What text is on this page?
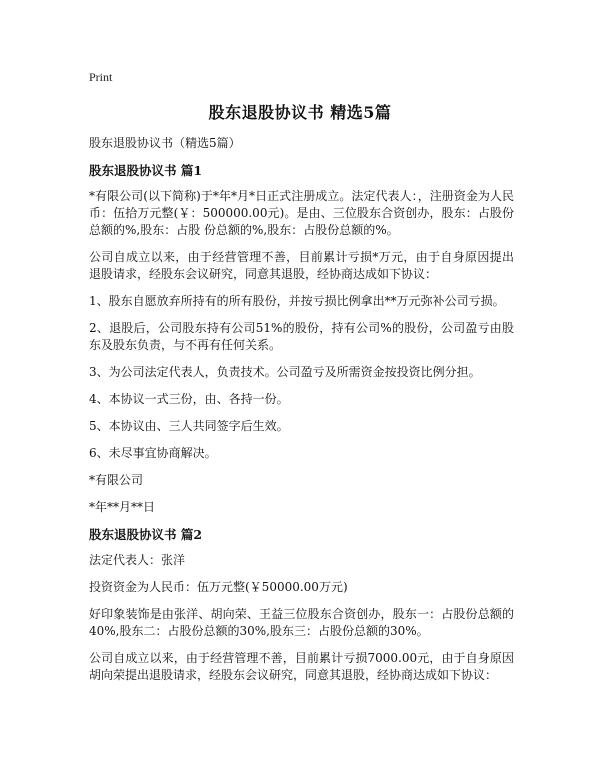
Print
股东退股协议书 精选5篇

股东退股协议书（精选5篇）

股东退股协议书 篇1

*有限公司(以下简称)于*年*月*日正式注册成立。法定代表人：，注册资金为人民币：伍拾万元整(￥：500000.00元)。是由、三位股东合资创办，股东：占股份总额的%,股东：占股 份总额的%,股东：占股份总额的%。

公司自成立以来，由于经营管理不善，目前累计亏损*万元，由于自身原因提出退股请求，经股东会议研究，同意其退股，经协商达成如下协议：

1、股东自愿放弃所持有的所有股份，并按亏损比例拿出**万元弥补公司亏损。

2、退股后，公司股东持有公司51%的股份，持有公司%的股份，公司盈亏由股东及股东负责，与不再有任何关系。

3、为公司法定代表人，负责技术。公司盈亏及所需资金按投资比例分担。

4、本协议一式三份，由、各持一份。

5、本协议由、三人共同签字后生效。

6、未尽事宜协商解决。

*有限公司

*年**月**日

股东退股协议书 篇2

法定代表人：张洋

投资资金为人民币：伍万元整(￥50000.00万元)

好印象装饰是由张洋、胡向荣、王益三位股东合资创办，股东一：占股份总额的40%,股东二：占股份总额的30%,股东三：占股份总额的30%。

公司自成立以来，由于经营管理不善，目前累计亏损7000.00元，由于自身原因胡向荣提出退股请求，经股东会议研究，同意其退股，经协商达成如下协议：
